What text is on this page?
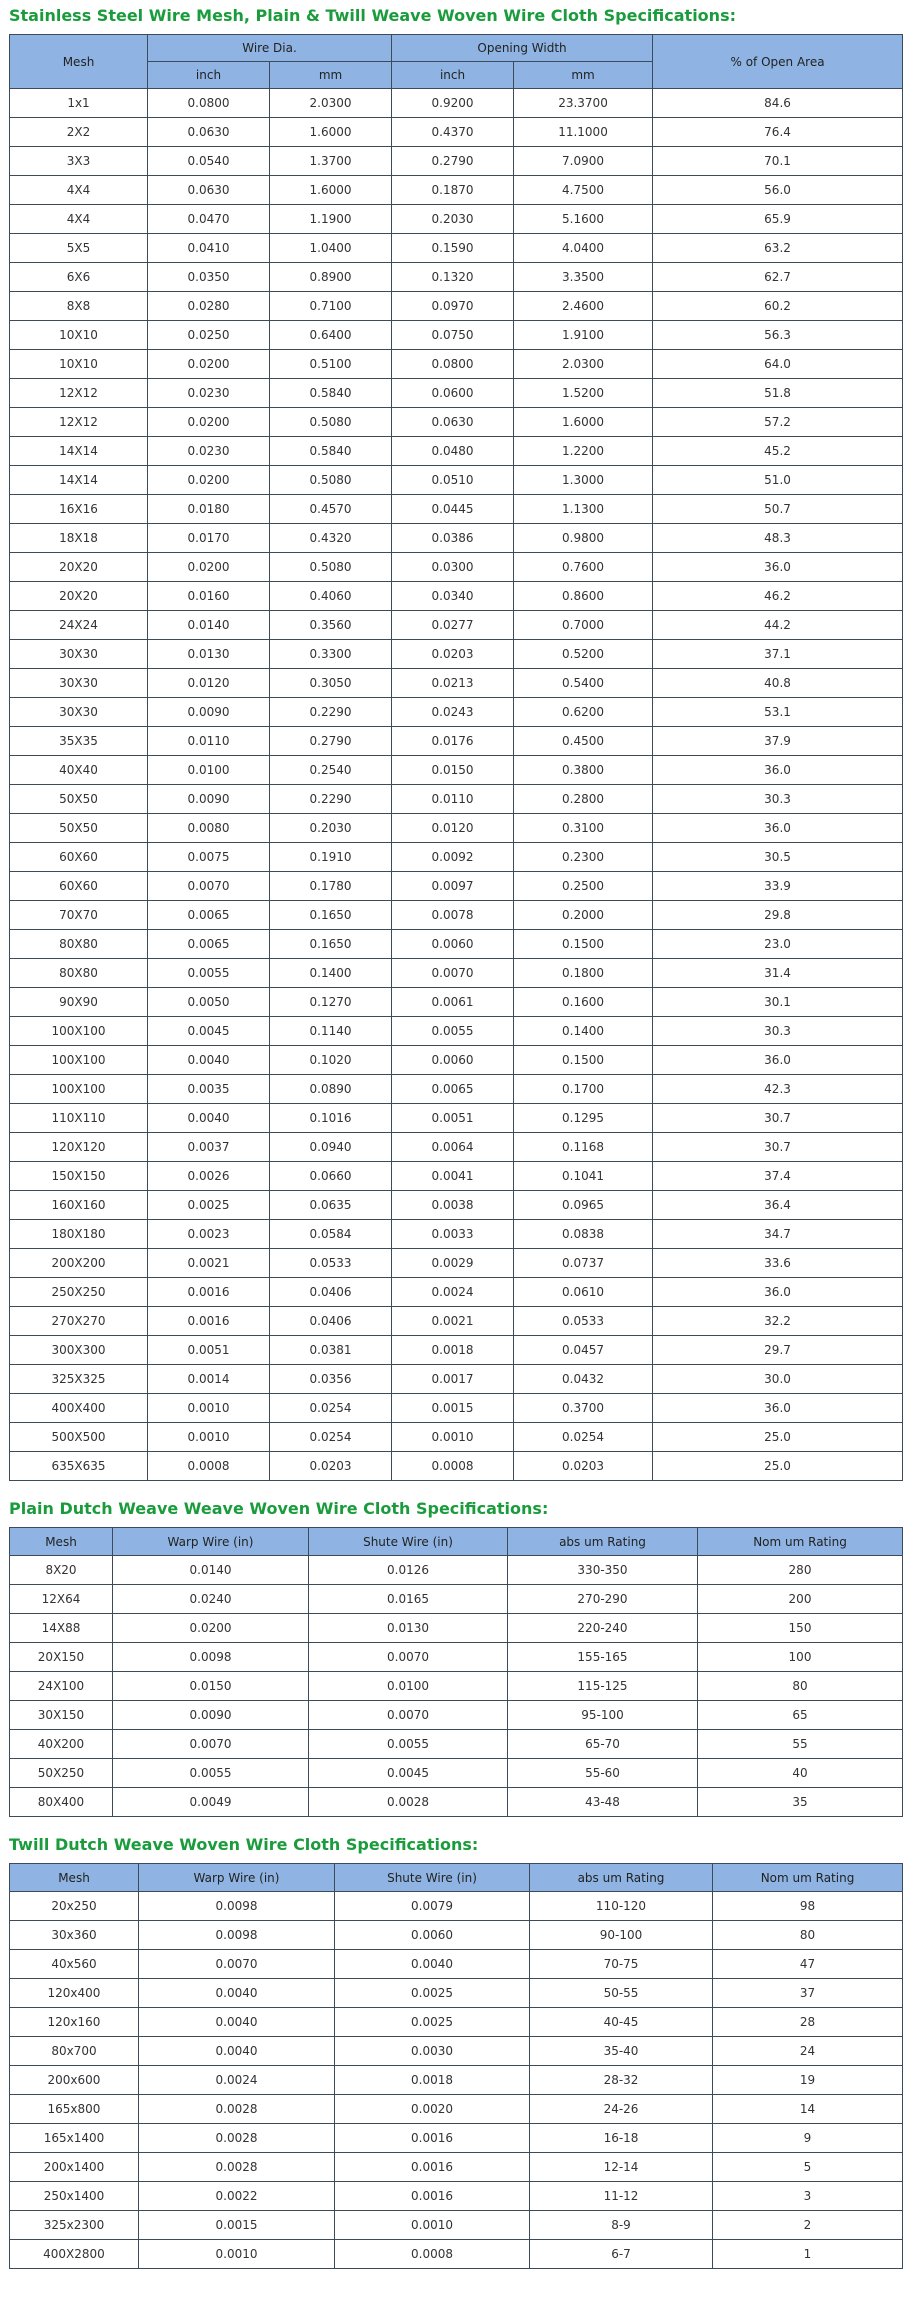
Stainless Steel Wire Mesh, Plain & Twill Weave Woven Wire Cloth Specifications:
Mesh	Wire Dia.		Opening Width		% of Open Area
	inch	mm	inch	mm	
1x1	0.0800	2.0300	0.9200	23.3700	84.6
2X2	0.0630	1.6000	0.4370	11.1000	76.4
3X3	0.0540	1.3700	0.2790	7.0900	70.1
4X4	0.0630	1.6000	0.1870	4.7500	56.0
4X4	0.0470	1.1900	0.2030	5.1600	65.9
5X5	0.0410	1.0400	0.1590	4.0400	63.2
6X6	0.0350	0.8900	0.1320	3.3500	62.7
8X8	0.0280	0.7100	0.0970	2.4600	60.2
10X10	0.0250	0.6400	0.0750	1.9100	56.3
10X10	0.0200	0.5100	0.0800	2.0300	64.0
12X12	0.0230	0.5840	0.0600	1.5200	51.8
12X12	0.0200	0.5080	0.0630	1.6000	57.2
14X14	0.0230	0.5840	0.0480	1.2200	45.2
14X14	0.0200	0.5080	0.0510	1.3000	51.0
16X16	0.0180	0.4570	0.0445	1.1300	50.7
18X18	0.0170	0.4320	0.0386	0.9800	48.3
20X20	0.0200	0.5080	0.0300	0.7600	36.0
20X20	0.0160	0.4060	0.0340	0.8600	46.2
24X24	0.0140	0.3560	0.0277	0.7000	44.2
30X30	0.0130	0.3300	0.0203	0.5200	37.1
30X30	0.0120	0.3050	0.0213	0.5400	40.8
30X30	0.0090	0.2290	0.0243	0.6200	53.1
35X35	0.0110	0.2790	0.0176	0.4500	37.9
40X40	0.0100	0.2540	0.0150	0.3800	36.0
50X50	0.0090	0.2290	0.0110	0.2800	30.3
50X50	0.0080	0.2030	0.0120	0.3100	36.0
60X60	0.0075	0.1910	0.0092	0.2300	30.5
60X60	0.0070	0.1780	0.0097	0.2500	33.9
70X70	0.0065	0.1650	0.0078	0.2000	29.8
80X80	0.0065	0.1650	0.0060	0.1500	23.0
80X80	0.0055	0.1400	0.0070	0.1800	31.4
90X90	0.0050	0.1270	0.0061	0.1600	30.1
100X100	0.0045	0.1140	0.0055	0.1400	30.3
100X100	0.0040	0.1020	0.0060	0.1500	36.0
100X100	0.0035	0.0890	0.0065	0.1700	42.3
110X110	0.0040	0.1016	0.0051	0.1295	30.7
120X120	0.0037	0.0940	0.0064	0.1168	30.7
150X150	0.0026	0.0660	0.0041	0.1041	37.4
160X160	0.0025	0.0635	0.0038	0.0965	36.4
180X180	0.0023	0.0584	0.0033	0.0838	34.7
200X200	0.0021	0.0533	0.0029	0.0737	33.6
250X250	0.0016	0.0406	0.0024	0.0610	36.0
270X270	0.0016	0.0406	0.0021	0.0533	32.2
300X300	0.0051	0.0381	0.0018	0.0457	29.7
325X325	0.0014	0.0356	0.0017	0.0432	30.0
400X400	0.0010	0.0254	0.0015	0.3700	36.0
500X500	0.0010	0.0254	0.0010	0.0254	25.0
635X635	0.0008	0.0203	0.0008	0.0203	25.0
Plain Dutch Weave Weave Woven Wire Cloth Specifications:
Mesh	Warp Wire (in)	Shute Wire (in)	abs um Rating	Nom um Rating
8X20	0.0140	0.0126	330-350	280
12X64	0.0240	0.0165	270-290	200
14X88	0.0200	0.0130	220-240	150
20X150	0.0098	0.0070	155-165	100
24X100	0.0150	0.0100	115-125	80
30X150	0.0090	0.0070	95-100	65
40X200	0.0070	0.0055	65-70	55
50X250	0.0055	0.0045	55-60	40
80X400	0.0049	0.0028	43-48	35
Twill Dutch Weave Woven Wire Cloth Specifications:
Mesh	Warp Wire (in)	Shute Wire (in)	abs um Rating	Nom um Rating
20x250	0.0098	0.0079	110-120	98
30x360	0.0098	0.0060	90-100	80
40x560	0.0070	0.0040	70-75	47
120x400	0.0040	0.0025	50-55	37
120x160	0.0040	0.0025	40-45	28
80x700	0.0040	0.0030	35-40	24
200x600	0.0024	0.0018	28-32	19
165x800	0.0028	0.0020	24-26	14
165x1400	0.0028	0.0016	16-18	9
200x1400	0.0028	0.0016	12-14	5
250x1400	0.0022	0.0016	11-12	3
325x2300	0.0015	0.0010	8-9	2
400X2800	0.0010	0.0008	6-7	1
